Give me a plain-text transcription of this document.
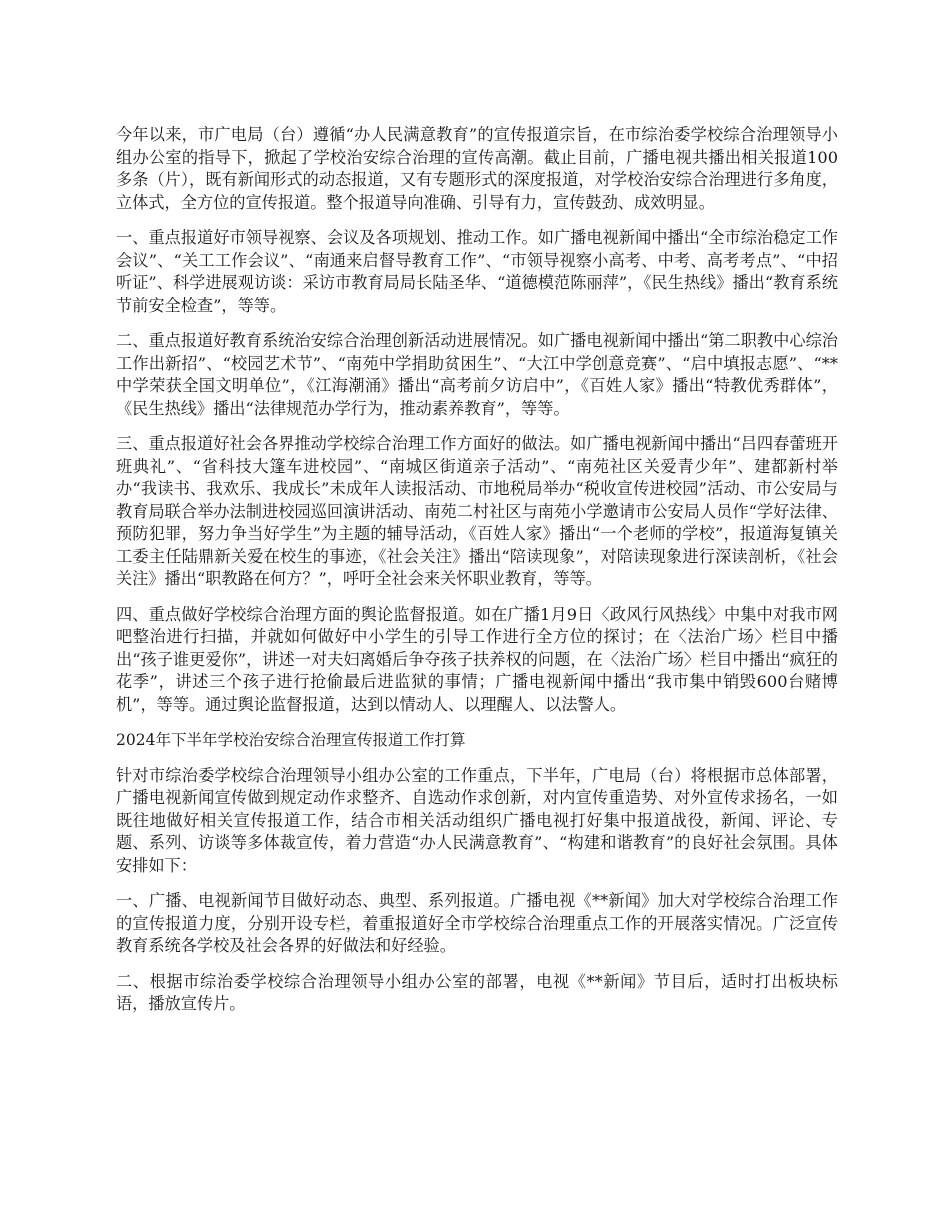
今年以来，市广电局（台）遵循“办人民满意教育”的宣传报道宗旨，在市综治委学校综合治理领导小组办公室的指导下，掀起了学校治安综合治理的宣传高潮。截止目前，广播电视共播出相关报道100多条（片），既有新闻形式的动态报道，又有专题形式的深度报道，对学校治安综合治理进行多角度，立体式，全方位的宣传报道。整个报道导向准确、引导有力，宣传鼓劲、成效明显。

一、重点报道好市领导视察、会议及各项规划、推动工作。如广播电视新闻中播出“全市综治稳定工作会议”、“关工工作会议”、“南通来启督导教育工作”、“市领导视察小高考、中考、高考考点”、“中招听证”、科学进展观访谈：采访市教育局局长陆圣华、“道德模范陈丽萍”，《民生热线》播出“教育系统节前安全检查”，等等。

二、重点报道好教育系统治安综合治理创新活动进展情况。如广播电视新闻中播出“第二职教中心综治工作出新招”、“校园艺术节”、“南苑中学捐助贫困生”、“大江中学创意竞赛”、“启中填报志愿”、“**中学荣获全国文明单位”，《江海潮涌》播出“高考前夕访启中”，《百姓人家》播出“特教优秀群体”，《民生热线》播出“法律规范办学行为，推动素养教育”，等等。

三、重点报道好社会各界推动学校综合治理工作方面好的做法。如广播电视新闻中播出“吕四春蕾班开班典礼”、“省科技大篷车进校园”、“南城区街道亲子活动”、“南苑社区关爱青少年”、建都新村举办“我读书、我欢乐、我成长”未成年人读报活动、市地税局举办“税收宣传进校园”活动、市公安局与教育局联合举办法制进校园巡回演讲活动、南苑二村社区与南苑小学邀请市公安局人员作“学好法律、预防犯罪，努力争当好学生”为主题的辅导活动，《百姓人家》播出“一个老师的学校”，报道海复镇关工委主任陆鼎新关爱在校生的事迹，《社会关注》播出“陪读现象”，对陪读现象进行深读剖析，《社会关注》播出“职教路在何方？”，呼吁全社会来关怀职业教育，等等。

四、重点做好学校综合治理方面的舆论监督报道。如在广播1月9日〈政风行风热线〉中集中对我市网吧整治进行扫描，并就如何做好中小学生的引导工作进行全方位的探讨；在〈法治广场〉栏目中播出“孩子谁更爱你”，讲述一对夫妇离婚后争夺孩子扶养权的问题，在〈法治广场〉栏目中播出“疯狂的花季”，讲述三个孩子进行抢偷最后进监狱的事情；广播电视新闻中播出“我市集中销毁600台赌博机”，等等。通过舆论监督报道，达到以情动人、以理醒人、以法警人。

2024年下半年学校治安综合治理宣传报道工作打算

针对市综治委学校综合治理领导小组办公室的工作重点，下半年，广电局（台）将根据市总体部署，广播电视新闻宣传做到规定动作求整齐、自选动作求创新，对内宣传重造势、对外宣传求扬名，一如既往地做好相关宣传报道工作，结合市相关活动组织广播电视打好集中报道战役，新闻、评论、专题、系列、访谈等多体裁宣传，着力营造“办人民满意教育”、“构建和谐教育”的良好社会氛围。具体安排如下：

一、广播、电视新闻节目做好动态、典型、系列报道。广播电视《**新闻》加大对学校综合治理工作的宣传报道力度，分别开设专栏，着重报道好全市学校综合治理重点工作的开展落实情况。广泛宣传教育系统各学校及社会各界的好做法和好经验。

二、根据市综治委学校综合治理领导小组办公室的部署，电视《**新闻》节目后，适时打出板块标语，播放宣传片。
